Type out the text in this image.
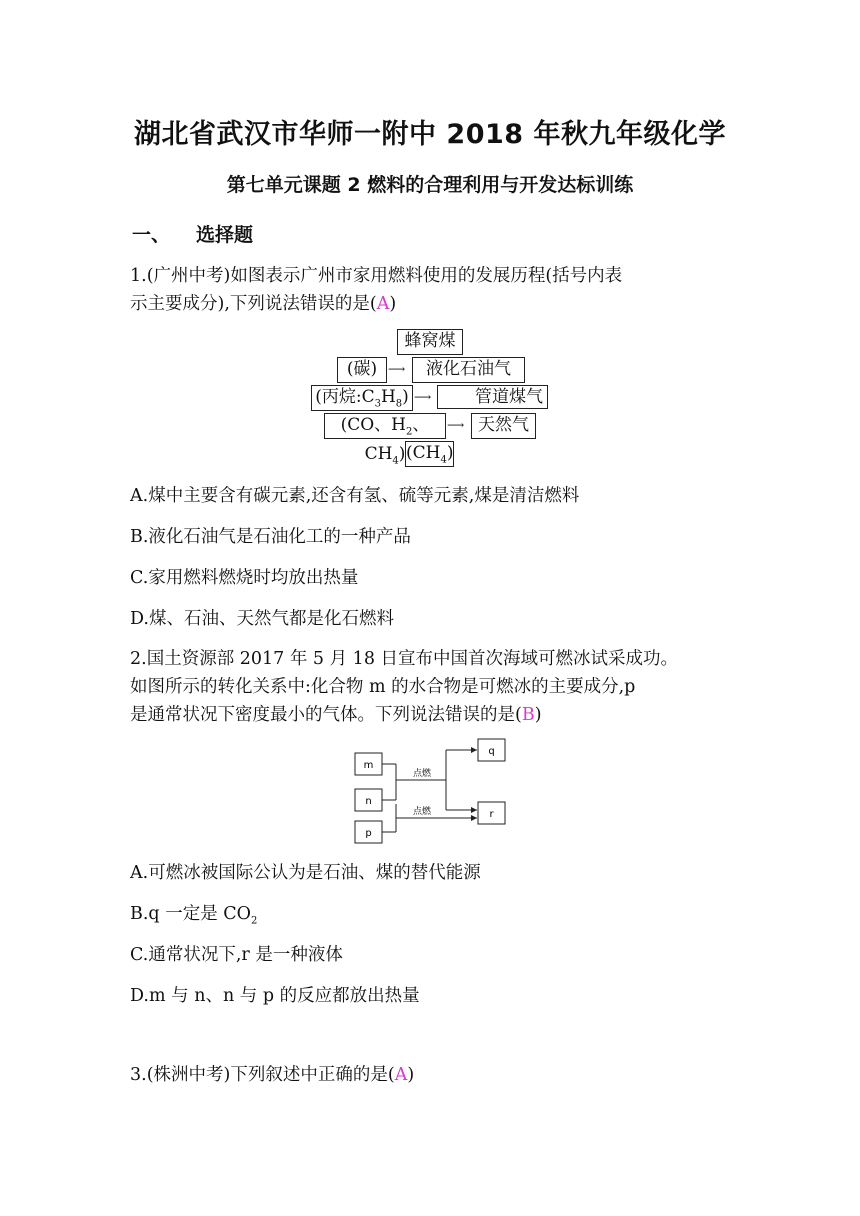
湖北省武汉市华师一附中 2018 年秋九年级化学
第七单元课题 2 燃料的合理利用与开发达标训练
一、 选择题
1.(广州中考)如图表示广州市家用燃料使用的发展历程(括号内表
示主要成分),下列说法错误的是(A)
蜂窝煤
(碳) ⟶	液化石油气
(丙烷$:C_3H_8$) ⟶	管道煤气
(CO、$H_2$、$CH_4$)
⟶ 天然气
$(CH_4)$
A.煤中主要含有碳元素,还含有氢、硫等元素,煤是清洁燃料
B.液化石油气是石油化工的一种产品
C.家用燃料燃烧时均放出热量
D.煤、石油、天然气都是化石燃料
2.国土资源部 2017 年 5 月 18 日宣布中国首次海域可燃冰试采成功。
如图所示的转化关系中:化合物 m 的水合物是可燃冰的主要成分,p
是通常状况下密度最小的气体。下列说法错误的是(B)
m
n
p
q
r
点燃
点燃
A.可燃冰被国际公认为是石油、煤的替代能源
B.q 一定是 $CO_2$
C.通常状况下,r 是一种液体
D.m 与 n、n 与 p 的反应都放出热量
3.(株洲中考)下列叙述中正确的是(A)
